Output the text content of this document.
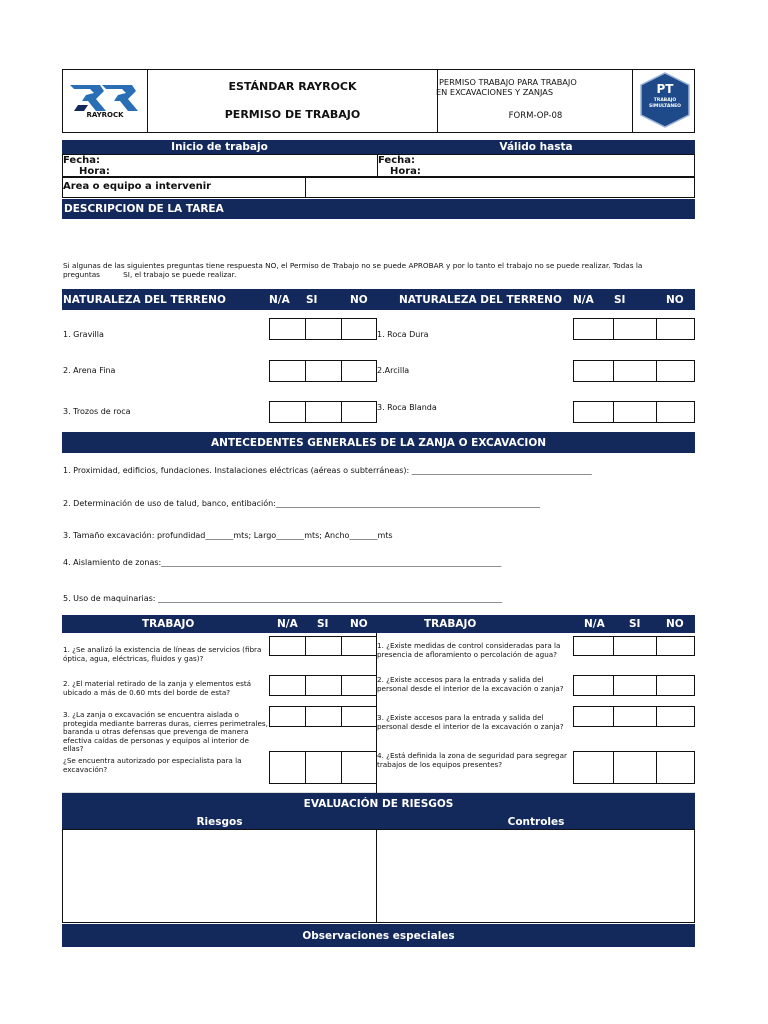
RAYROCK
ESTÁNDAR RAYROCK
PERMISO DE TRABAJO
PERMISO TRABAJO PARA TRABAJO
EN EXCAVACIONES Y ZANJAS
FORM-OP-08
PT
TRABAJO
SIMULTANEO
Inicio de trabajo	Válido hasta
Fecha:
Hora:
Fecha:
Hora:
Area o equipo a intervenir
DESCRIPCION DE LA TAREA
Si algunas de las siguientes preguntas tiene respuesta NO, el Permiso de Trabajo no se puede APROBAR y por lo tanto el trabajo no se puede realizar. Todas la
preguntas          SI, el trabajo se puede realizar.
NATURALEZA DEL TERRENO	N/A SI	NO	NATURALEZA DEL TERRENO N/A SI	NO
1. Gravilla
2. Arena Fina
3. Trozos de roca
1. Roca Dura
2.Arcilla
3. Roca Blanda
ANTECEDENTES GENERALES DE LA ZANJA O EXCAVACION
1. Proximidad, edificios, fundaciones. Instalaciones eléctricas (aéreas o subterráneas): _____________________________________________
2. Determinación de uso de talud, banco, entibación:__________________________________________________________________
3. Tamaño excavación: profundidad_______mts; Largo_______mts; Ancho_______mts
4. Aislamiento de zonas:_____________________________________________________________________________________
5. Uso de maquinarias: ______________________________________________________________________________________
TRABAJO	N/A SI NO	TRABAJO	N/A SI NO
1. ¿Se analizó la existencia de líneas de servicios (fibra óptica, agua, eléctricas, fluidos y gas)?
2. ¿El material retirado de la zanja y elementos está ubicado a más de 0.60 mts del borde de esta?
3. ¿La zanja o excavación se encuentra aislada o protegida mediante barreras duras, cierres perimetrales, baranda u otras defensas que prevenga de manera efectiva caídas de personas y equipos al interior de ellas?
¿Se encuentra autorizado por especialista para la excavación?
1. ¿Existe medidas de control consideradas para la presencia de afloramiento o percolación de agua?
2. ¿Existe accesos para la entrada y salida del personal desde el interior de la excavación o zanja?
3. ¿Existe accesos para la entrada y salida del personal desde el interior de la excavación o zanja?
4. ¿Está definida la zona de seguridad para segregar trabajos de los equipos presentes?
EVALUACIÓN DE RIESGOS
Riesgos	Controles
Observaciones especiales
